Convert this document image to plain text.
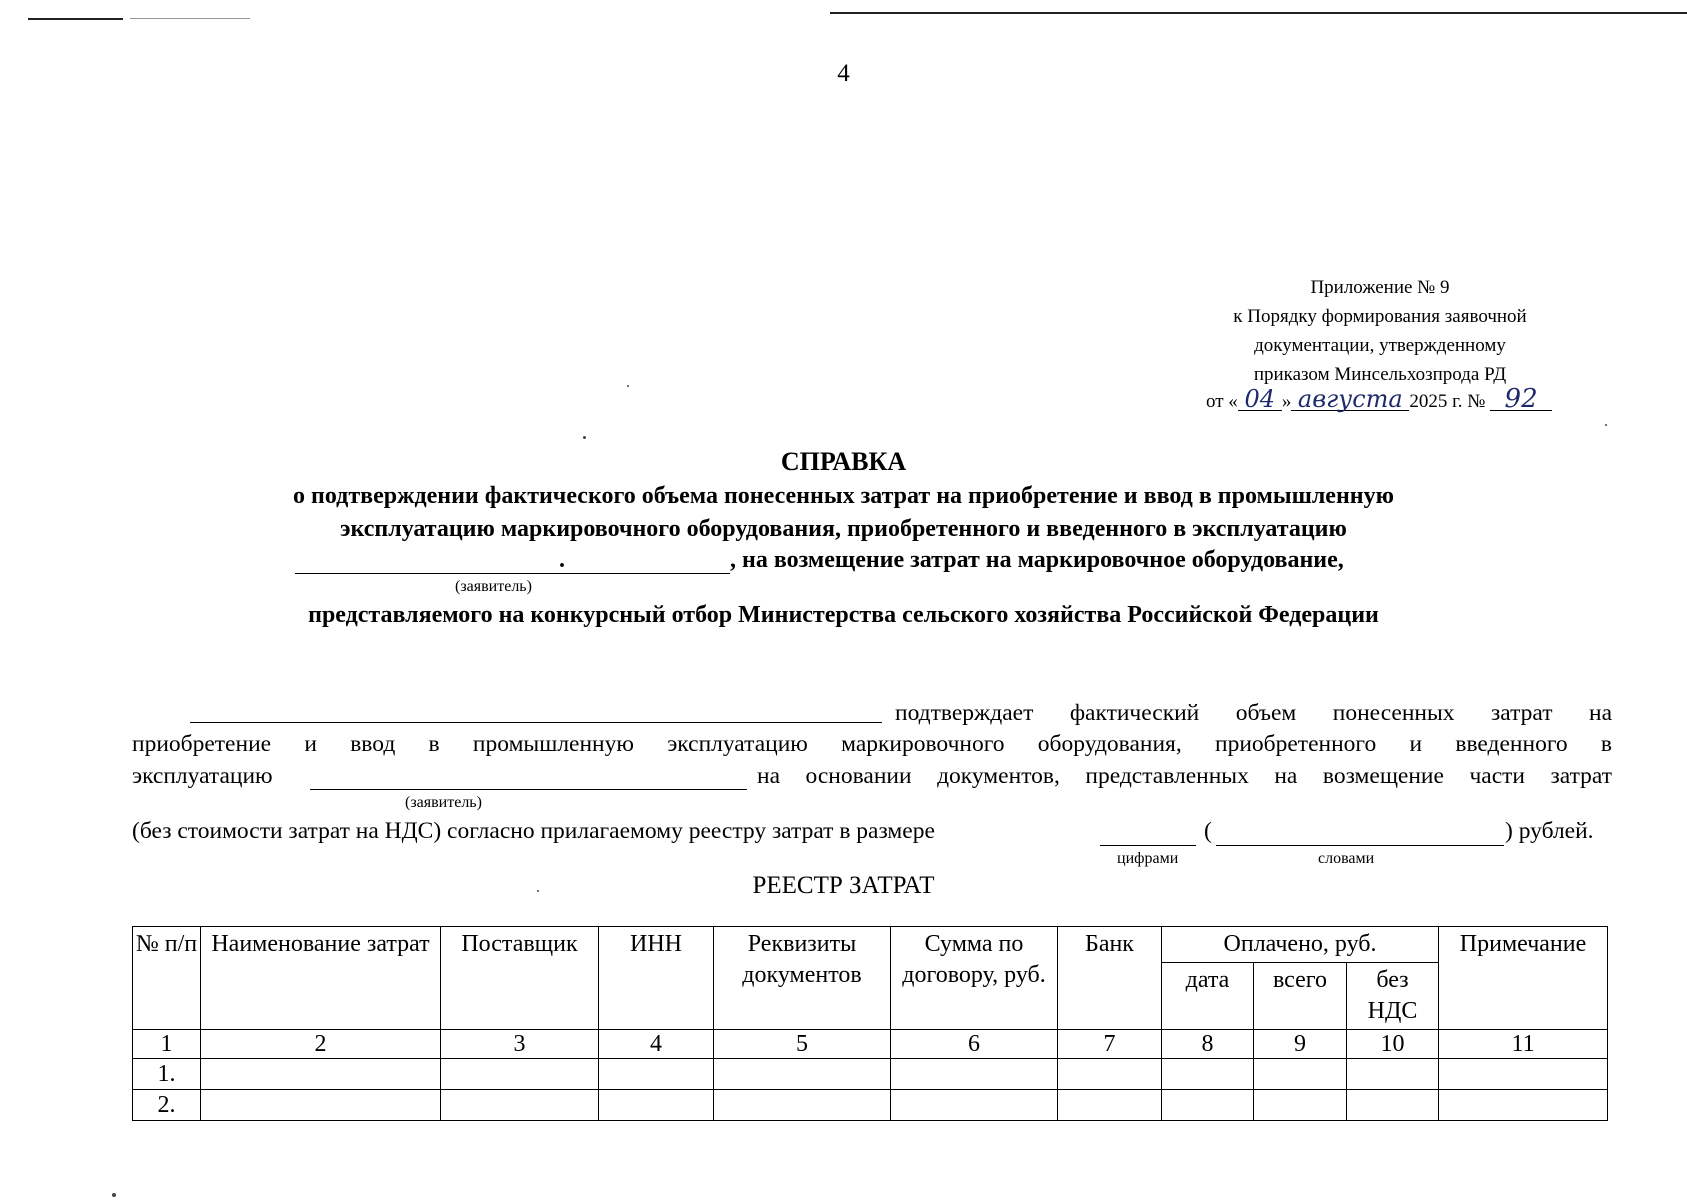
4
Приложение № 9
к Порядку формирования заявочной
документации, утвержденному
приказом Минсельхозпрода РД
от « 04 » августа 2025 г. № 92
СПРАВКА
о подтверждении фактического объема понесенных затрат на приобретение и ввод в промышленную
эксплуатацию маркировочного оборудования, приобретенного и введенного в эксплуатацию
.	, на возмещение затрат на маркировочное оборудование,
(заявитель)
представляемого на конкурсный отбор Министерства сельского хозяйства Российской Федерации
подтверждает фактический объем понесенных затрат на
приобретение и ввод в промышленную эксплуатацию маркировочного оборудования, приобретенного и введенного в
эксплуатацию	на основании документов, представленных на возмещение части затрат
(заявитель)
(без стоимости затрат на НДС) согласно прилагаемому реестру затрат в размере	(	) рублей.
цифрами	словами
РЕЕСТР ЗАТРАТ
№ п/п	Наименование затрат	Поставщик	ИНН	Реквизиты документов	Сумма по договору, руб.	Банк	Оплачено, руб.			Примечание
							дата	всего	без НДС	
1	2	3	4	5	6	7	8	9	10	11
1.										
2.										
